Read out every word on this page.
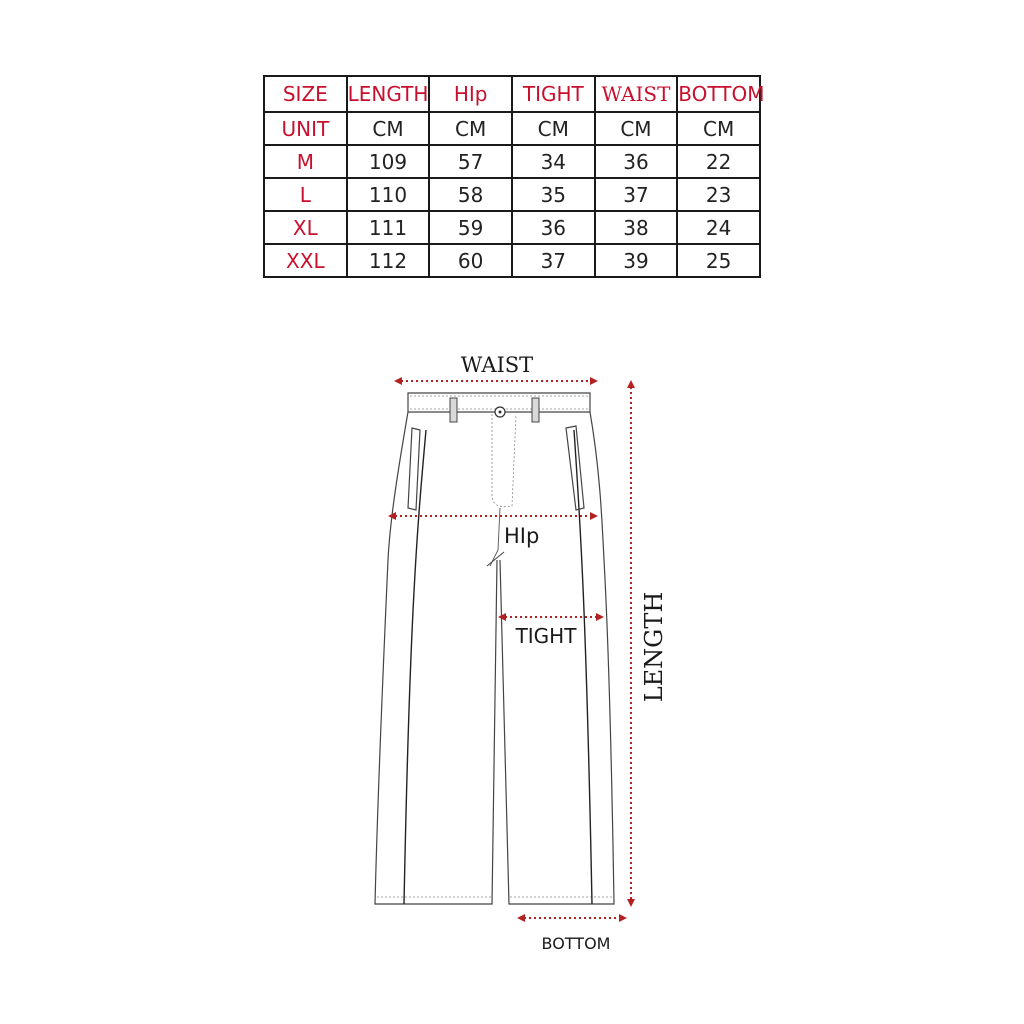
SIZE	LENGTH	HIp	TIGHT	WAIST	BOTTOM
UNIT	CM	CM	CM	CM	CM
M	109	57	34	36	22
L	110	58	35	37	23
XL	111	59	36	38	24
XXL	112	60	37	39	25
WAIST
HIp
TIGHT
BOTTOM
LENGTH
